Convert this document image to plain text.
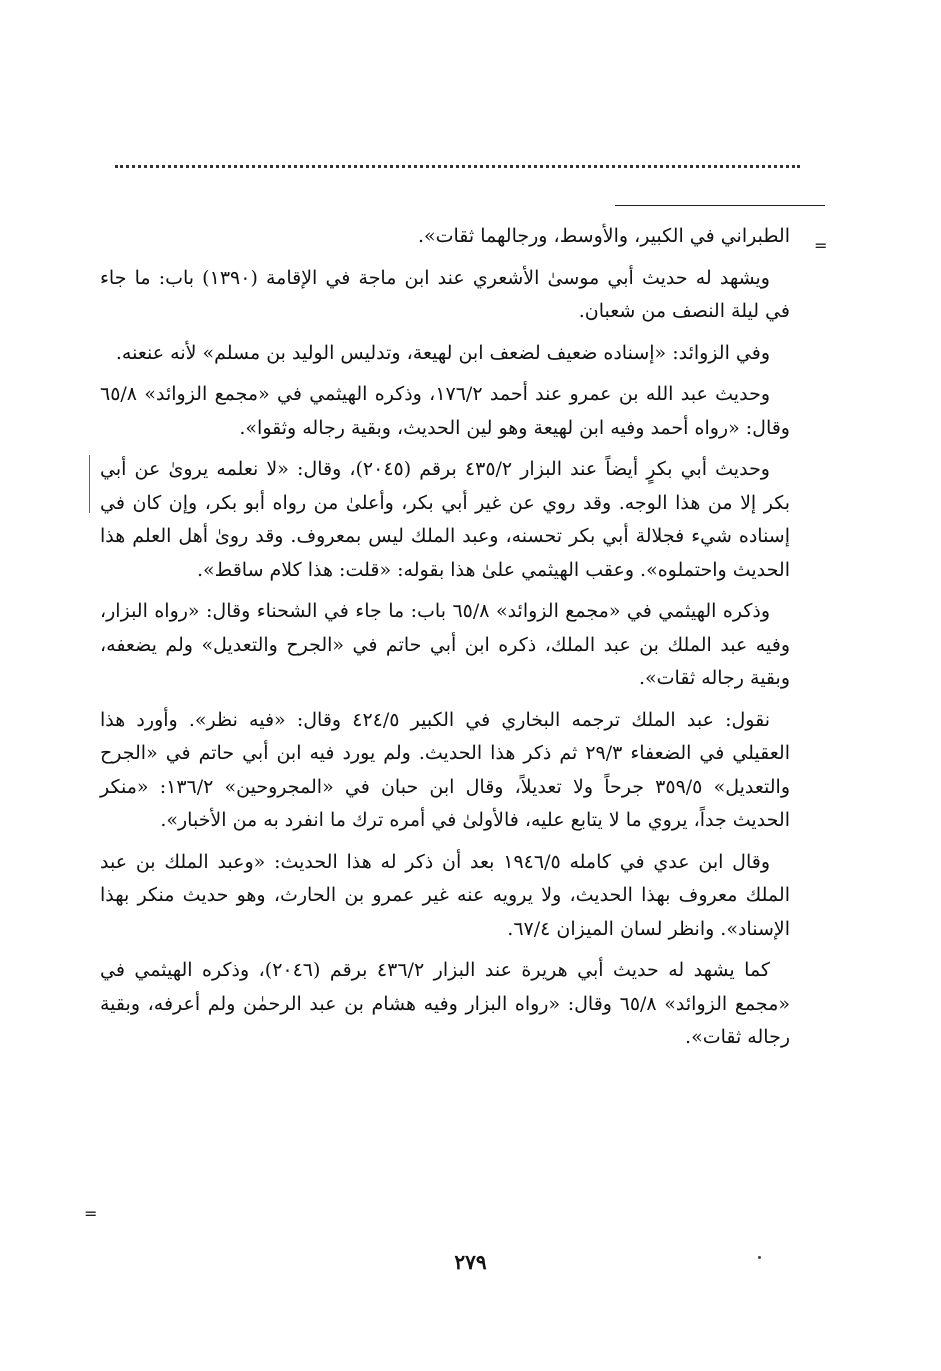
=

الطبراني في الكبير، والأوسط، ورجالهما ثقات».

ويشهد له حديث أبي موسىٰ الأشعري عند ابن ماجة في الإقامة (١٣٩٠) باب: ما جاء في ليلة النصف من شعبان.

وفي الزوائد: «إسناده ضعيف لضعف ابن لهيعة، وتدليس الوليد بن مسلم» لأنه عنعنه.

وحديث عبد الله بن عمرو عند أحمد ١٧٦/٢، وذكره الهيثمي في «مجمع الزوائد» ٦٥/٨ وقال: «رواه أحمد وفيه ابن لهيعة وهو لين الحديث، وبقية رجاله وثقوا».

وحديث أبي بكرٍ أيضاً عند البزار ٤٣٥/٢ برقم (٢٠٤٥)، وقال: «لا نعلمه يروىٰ عن أبي بكر إلا من هذا الوجه. وقد روي عن غير أبي بكر، وأعلىٰ من رواه أبو بكر، وإن كان في إسناده شيء فجلالة أبي بكر تحسنه، وعبد الملك ليس بمعروف. وقد روىٰ أهل العلم هذا الحديث واحتملوه». وعقب الهيثمي علىٰ هذا بقوله: «قلت: هذا كلام ساقط».

وذكره الهيثمي في «مجمع الزوائد» ٦٥/٨ باب: ما جاء في الشحناء وقال: «رواه البزار، وفيه عبد الملك بن عبد الملك، ذكره ابن أبي حاتم في «الجرح والتعديل» ولم يضعفه، وبقية رجاله ثقات».

نقول: عبد الملك ترجمه البخاري في الكبير ٤٢٤/٥ وقال: «فيه نظر». وأورد هذا العقيلي في الضعفاء ٢٩/٣ ثم ذكر هذا الحديث. ولم يورد فيه ابن أبي حاتم في «الجرح والتعديل» ٣٥٩/٥ جرحاً ولا تعديلاً، وقال ابن حبان في «المجروحين» ١٣٦/٢: «منكر الحديث جداً، يروي ما لا يتابع عليه، فالأولىٰ في أمره ترك ما انفرد به من الأخبار».

وقال ابن عدي في كامله ١٩٤٦/٥ بعد أن ذكر له هذا الحديث: «وعبد الملك بن عبد الملك معروف بهذا الحديث، ولا يرويه عنه غير عمرو بن الحارث، وهو حديث منكر بهذا الإسناد». وانظر لسان الميزان ٦٧/٤.

كما يشهد له حديث أبي هريرة عند البزار ٤٣٦/٢ برقم (٢٠٤٦)، وذكره الهيثمي في «مجمع الزوائد» ٦٥/٨ وقال: «رواه البزار وفيه هشام بن عبد الرحمٰن ولم أعرفه، وبقية رجاله ثقات».

=
٢٧٩
